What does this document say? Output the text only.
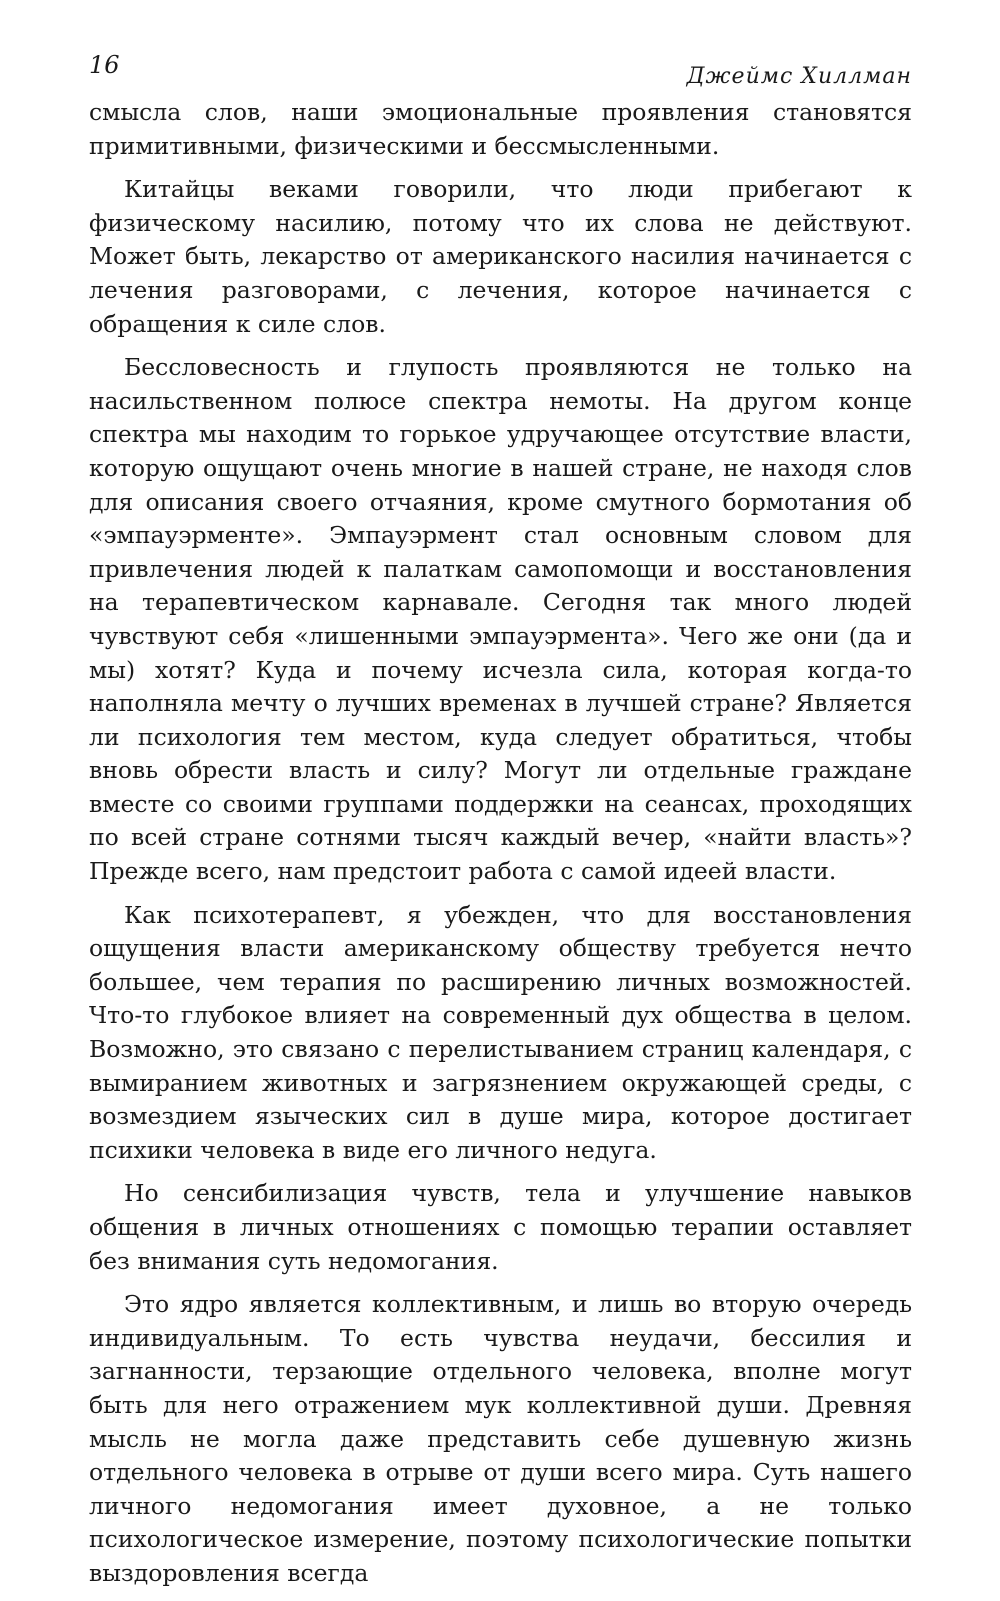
16	Джеймс Хиллман

смысла слов, наши эмоциональные проявления становятся примитивными, физическими и бессмысленными.

Китайцы веками говорили, что люди прибегают к физическому насилию, потому что их слова не действуют. Может быть, лекарство от американского насилия начинается с лечения разговорами, с лечения, которое начинается с обращения к силе слов.

Бессловесность и глупость проявляются не только на насильственном полюсе спектра немоты. На другом конце спектра мы находим то горькое удручающее отсутствие власти, которую ощущают очень многие в нашей стране, не находя слов для описания своего отчаяния, кроме смутного бормотания об «эмпауэрменте». Эмпауэрмент стал основным словом для привлечения людей к палаткам самопомощи и восстановления на терапевтическом карнавале. Сегодня так много людей чувствуют себя «лишенными эмпауэрмента». Чего же они (да и мы) хотят? Куда и почему исчезла сила, которая когда-то наполняла мечту о лучших временах в лучшей стране? Является ли психология тем местом, куда следует обратиться, чтобы вновь обрести власть и силу? Могут ли отдельные граждане вместе со своими группами поддержки на сеансах, проходящих по всей стране сотнями тысяч каждый вечер, «найти власть»? Прежде всего, нам предстоит работа с самой идеей власти.

Как психотерапевт, я убежден, что для восстановления ощущения власти американскому обществу требуется нечто большее, чем терапия по расширению личных возможностей. Что-то глубокое влияет на современный дух общества в целом. Возможно, это связано с перелистыванием страниц календаря, с вымиранием животных и загрязнением окружающей среды, с возмездием языческих сил в душе мира, которое достигает психики человека в виде его личного недуга.

Но сенсибилизация чувств, тела и улучшение навыков общения в личных отношениях с помощью терапии оставляет без внимания суть недомогания.

Это ядро является коллективным, и лишь во вторую очередь индивидуальным. То есть чувства неудачи, бессилия и загнанности, терзающие отдельного человека, вполне могут быть для него отражением мук коллективной души. Древняя мысль не могла даже представить себе душевную жизнь отдельного человека в отрыве от души всего мира. Суть нашего личного недомогания имеет духовное, а не только психологическое измерение, поэтому психологические попытки выздоровления всегда
